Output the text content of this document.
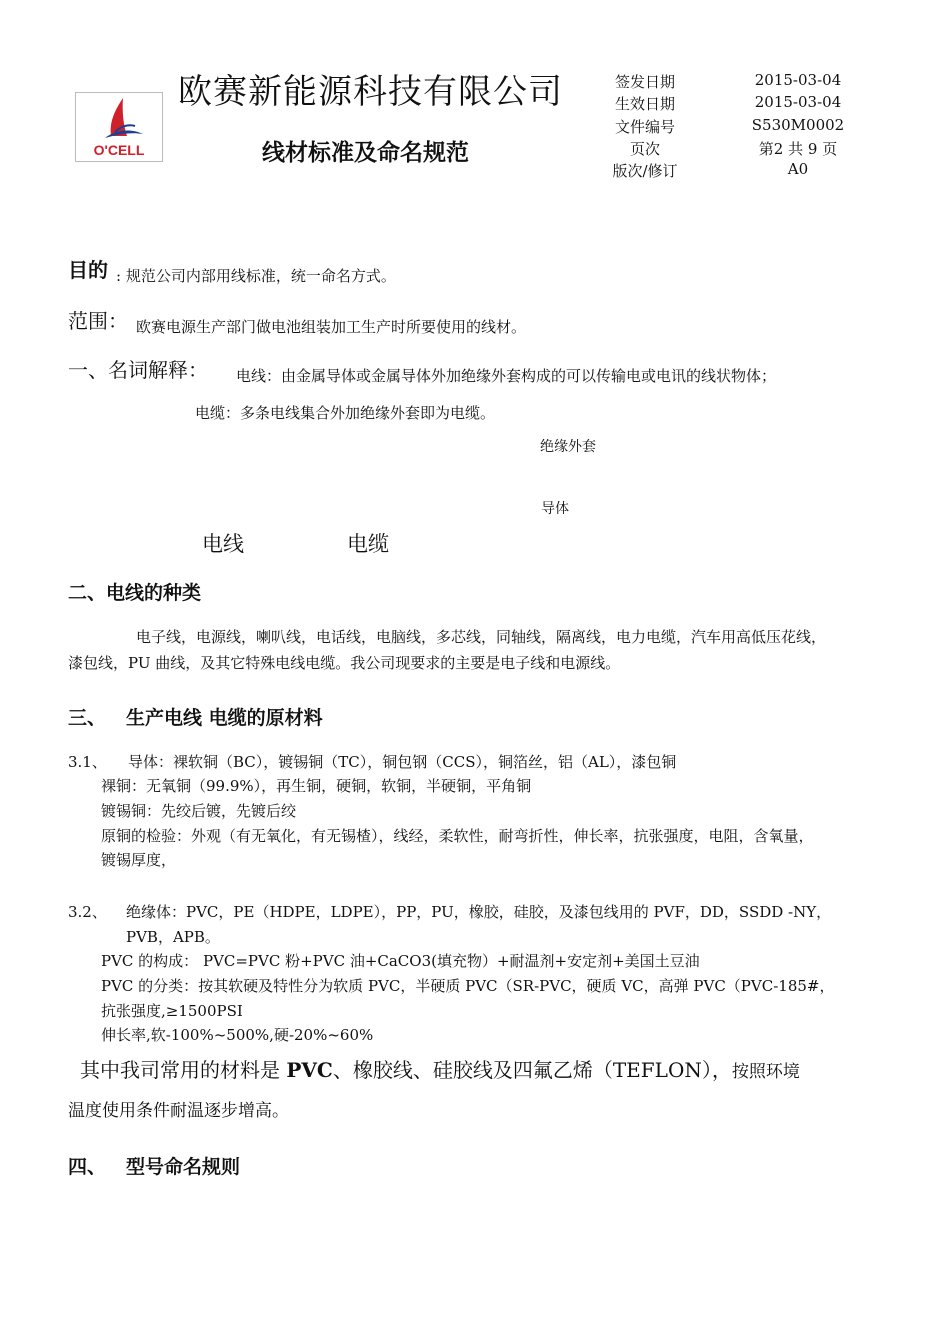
O'CELL
欧赛新能源科技有限公司
线材标准及命名规范
签发日期	2015-03-04
生效日期	2015-03-04
文件编号	S530M0002
页次	第2 共 9 页
版次/修订	A0
目的 : 规范公司内部用线标准，统一命名方式。
范围： 欧赛电源生产部门做电池组装加工生产时所要使用的线材。
一、名词解释： 电线：由金属导体或金属导体外加绝缘外套构成的可以传输电或电讯的线状物体；
电缆：多条电线集合外加绝缘外套即为电缆。
绝缘外套
导体
电线	电缆
二、电线的种类
电子线，电源线，喇叭线，电话线，电脑线，多芯线，同轴线，隔离线，电力电缆，汽车用高低压花线，
漆包线，PU 曲线，及其它特殊电线电缆。我公司现要求的主要是电子线和电源线。
三、 生产电线 电缆的原材料
3.1、 导体：裸软铜（BC），镀锡铜（TC），铜包钢（CCS），铜箔丝，铝（AL），漆包铜
裸铜：无氧铜（99.9%），再生铜，硬铜，软铜，半硬铜，平角铜
镀锡铜：先绞后镀，先镀后绞
原铜的检验：外观（有无氧化，有无锡楂），线经，柔软性，耐弯折性，伸长率，抗张强度，电阻，含氧量，
镀锡厚度，
3.2、 绝缘体：PVC，PE（HDPE，LDPE），PP，PU，橡胶，硅胶，及漆包线用的 PVF，DD，SSDD -NY，
PVB，APB。
PVC 的构成： PVC=PVC 粉+PVC 油+CaCO3(填充物）+耐温剂+安定剂+美国土豆油
PVC 的分类：按其软硬及特性分为软质 PVC，半硬质 PVC（SR-PVC，硬质 VC，高弹 PVC（PVC-185#，
抗张强度,≥1500PSI
伸长率,软-100%~500%,硬-20%~60%
其中我司常用的材料是 PVC、橡胶线、硅胶线及四氟乙烯（TEFLON），按照环境
温度使用条件耐温逐步增高。
四、 型号命名规则
